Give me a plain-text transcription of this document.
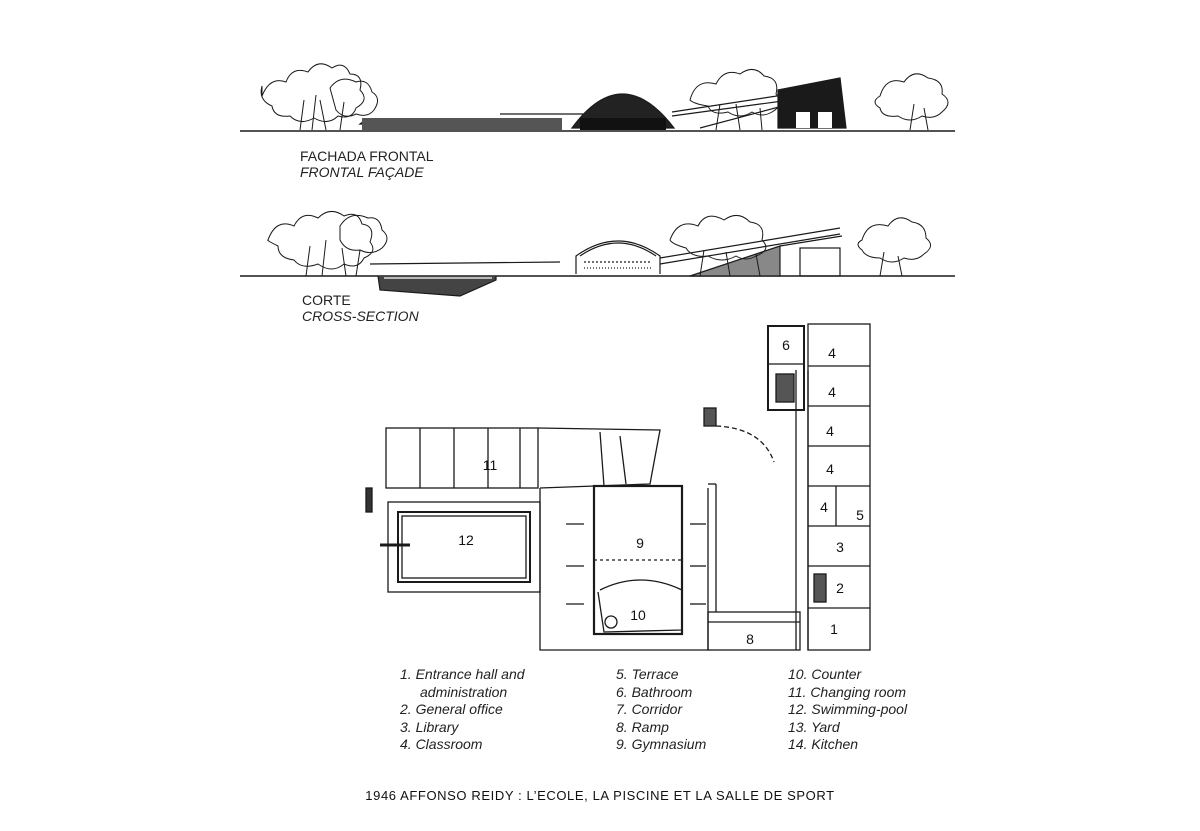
1
2
3
4
4
4
4
4 5
6
8
9
10
11
12
FACHADA FRONTAL
FRONTAL FAÇADE
CORTE
CROSS-SECTION
1. Entrance hall and
administration
2. General office
3. Library
4. Classroom
5. Terrace
6. Bathroom
7. Corridor
8. Ramp
9. Gymnasium
10. Counter
11. Changing room
12. Swimming-pool
13. Yard
14. Kitchen
1946 AFFONSO REIDY : L’ECOLE, LA PISCINE ET LA SALLE DE SPORT
